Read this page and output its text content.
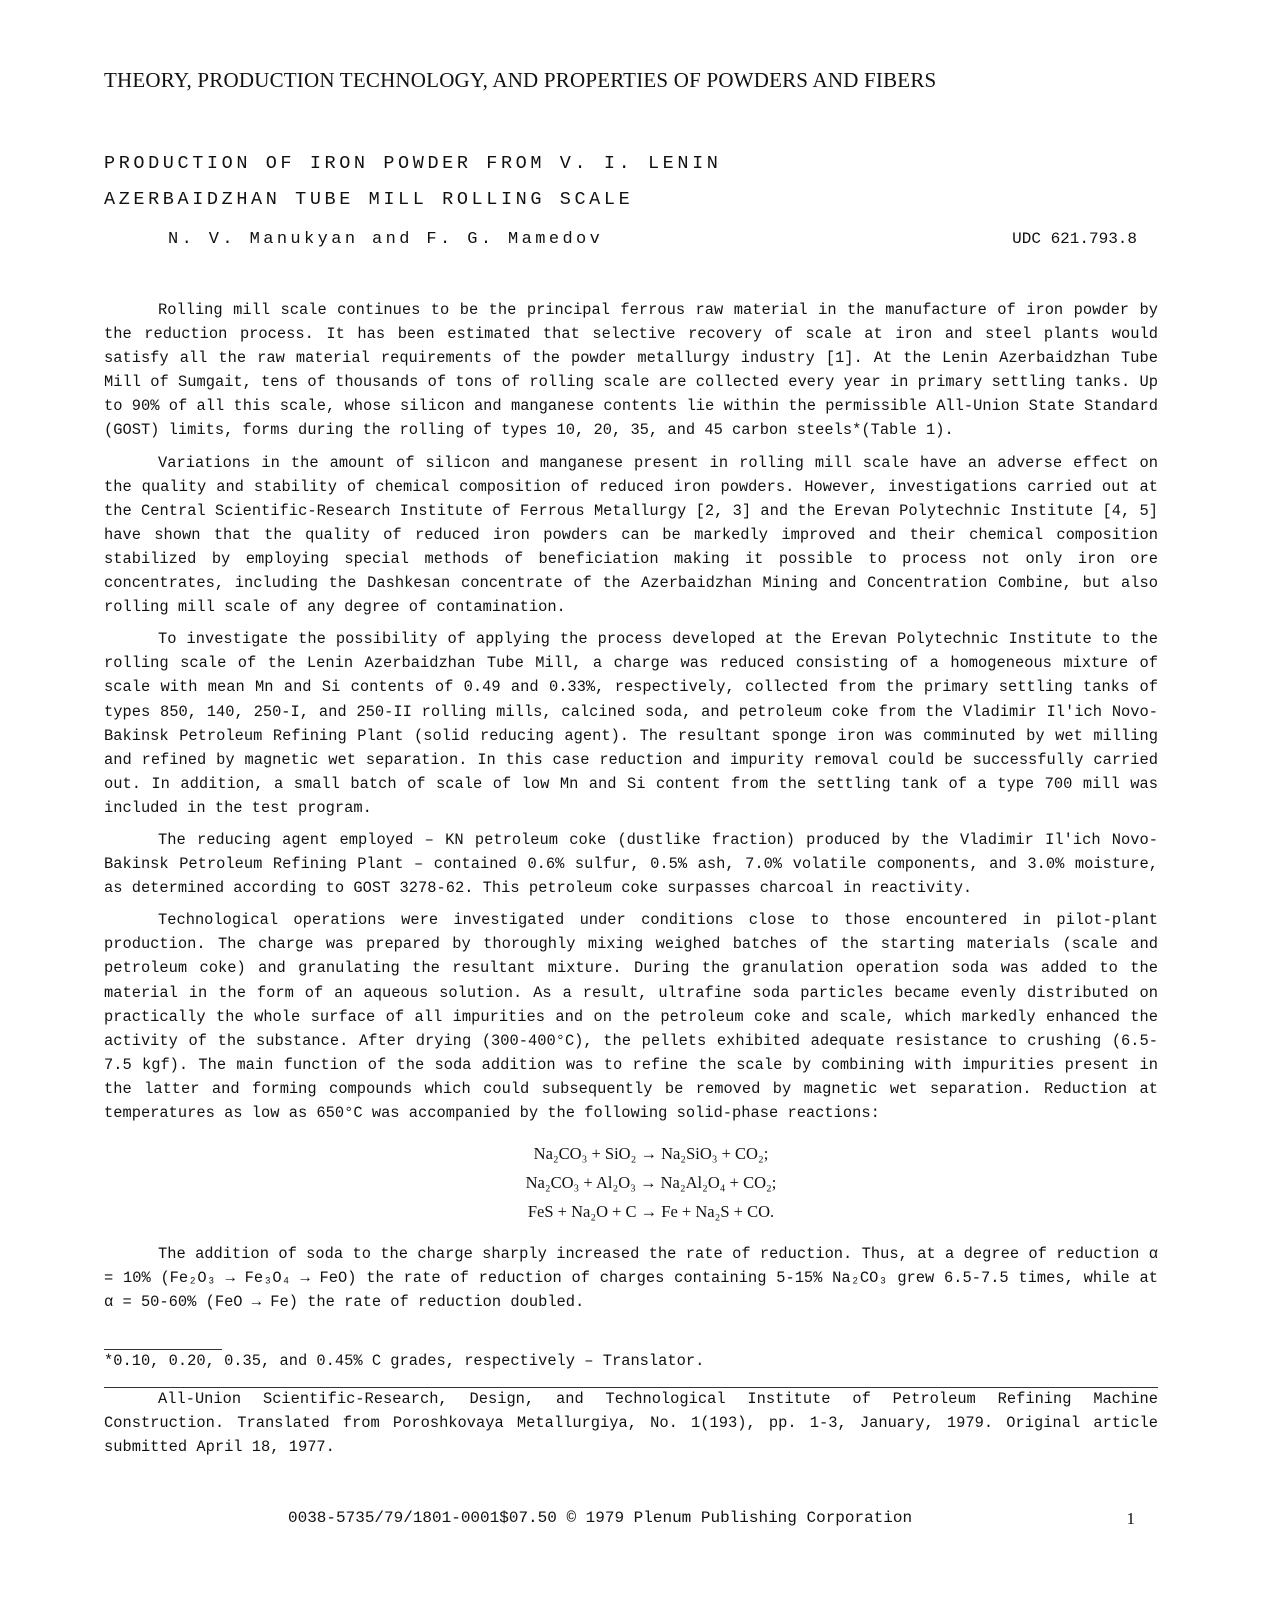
THEORY, PRODUCTION TECHNOLOGY, AND PROPERTIES OF POWDERS AND FIBERS
PRODUCTION OF IRON POWDER FROM V. I. LENIN
AZERBAIDZHAN TUBE MILL ROLLING SCALE
N. V. Manukyan and F. G. Mamedov	UDC 621.793.8

Rolling mill scale continues to be the principal ferrous raw material in the manufacture of iron powder by the reduction process. It has been estimated that selective recovery of scale at iron and steel plants would satisfy all the raw material requirements of the powder metallurgy industry [1]. At the Lenin Azerbaidzhan Tube Mill of Sumgait, tens of thousands of tons of rolling scale are collected every year in primary settling tanks. Up to 90% of all this scale, whose silicon and manganese contents lie within the permissible All-Union State Standard (GOST) limits, forms during the rolling of types 10, 20, 35, and 45 carbon steels*(Table 1).

Variations in the amount of silicon and manganese present in rolling mill scale have an adverse effect on the quality and stability of chemical composition of reduced iron powders. However, investigations carried out at the Central Scientific-Research Institute of Ferrous Metallurgy [2, 3] and the Erevan Polytechnic Institute [4, 5] have shown that the quality of reduced iron powders can be markedly improved and their chemical composition stabilized by employing special methods of beneficiation making it possible to process not only iron ore concentrates, including the Dashkesan concentrate of the Azerbaidzhan Mining and Concentration Combine, but also rolling mill scale of any degree of contamination.

To investigate the possibility of applying the process developed at the Erevan Polytechnic Institute to the rolling scale of the Lenin Azerbaidzhan Tube Mill, a charge was reduced consisting of a homogeneous mixture of scale with mean Mn and Si contents of 0.49 and 0.33%, respectively, collected from the primary settling tanks of types 850, 140, 250-I, and 250-II rolling mills, calcined soda, and petroleum coke from the Vladimir Il'ich Novo-Bakinsk Petroleum Refining Plant (solid reducing agent). The resultant sponge iron was comminuted by wet milling and refined by magnetic wet separation. In this case reduction and impurity removal could be successfully carried out. In addition, a small batch of scale of low Mn and Si content from the settling tank of a type 700 mill was included in the test program.

The reducing agent employed – KN petroleum coke (dustlike fraction) produced by the Vladimir Il'ich Novo-Bakinsk Petroleum Refining Plant – contained 0.6% sulfur, 0.5% ash, 7.0% volatile components, and 3.0% moisture, as determined according to GOST 3278-62. This petroleum coke surpasses charcoal in reactivity.

Technological operations were investigated under conditions close to those encountered in pilot-plant production. The charge was prepared by thoroughly mixing weighed batches of the starting materials (scale and petroleum coke) and granulating the resultant mixture. During the granulation operation soda was added to the material in the form of an aqueous solution. As a result, ultrafine soda particles became evenly distributed on practically the whole surface of all impurities and on the petroleum coke and scale, which markedly enhanced the activity of the substance. After drying (300-400°C), the pellets exhibited adequate resistance to crushing (6.5-7.5 kgf). The main function of the soda addition was to refine the scale by combining with impurities present in the latter and forming compounds which could subsequently be removed by magnetic wet separation. Reduction at temperatures as low as 650°C was accompanied by the following solid-phase reactions:

Na₂CO₃ + SiO₂ → Na₂SiO₃ + CO₂;
Na₂CO₃ + Al₂O₃ → Na₂Al₂O₄ + CO₂;
FeS + Na₂O + C → Fe + Na₂S + CO.

The addition of soda to the charge sharply increased the rate of reduction. Thus, at a degree of reduction α = 10% (Fe₂O₃ → Fe₃O₄ → FeO) the rate of reduction of charges containing 5-15% Na₂CO₃ grew 6.5-7.5 times, while at α = 50-60% (FeO → Fe) the rate of reduction doubled.

*0.10, 0.20, 0.35, and 0.45% C grades, respectively – Translator.
All-Union Scientific-Research, Design, and Technological Institute of Petroleum Refining Machine Construction. Translated from Poroshkovaya Metallurgiya, No. 1(193), pp. 1-3, January, 1979. Original article submitted April 18, 1977.
0038-5735/79/1801-0001$07.50 © 1979 Plenum Publishing Corporation	1
